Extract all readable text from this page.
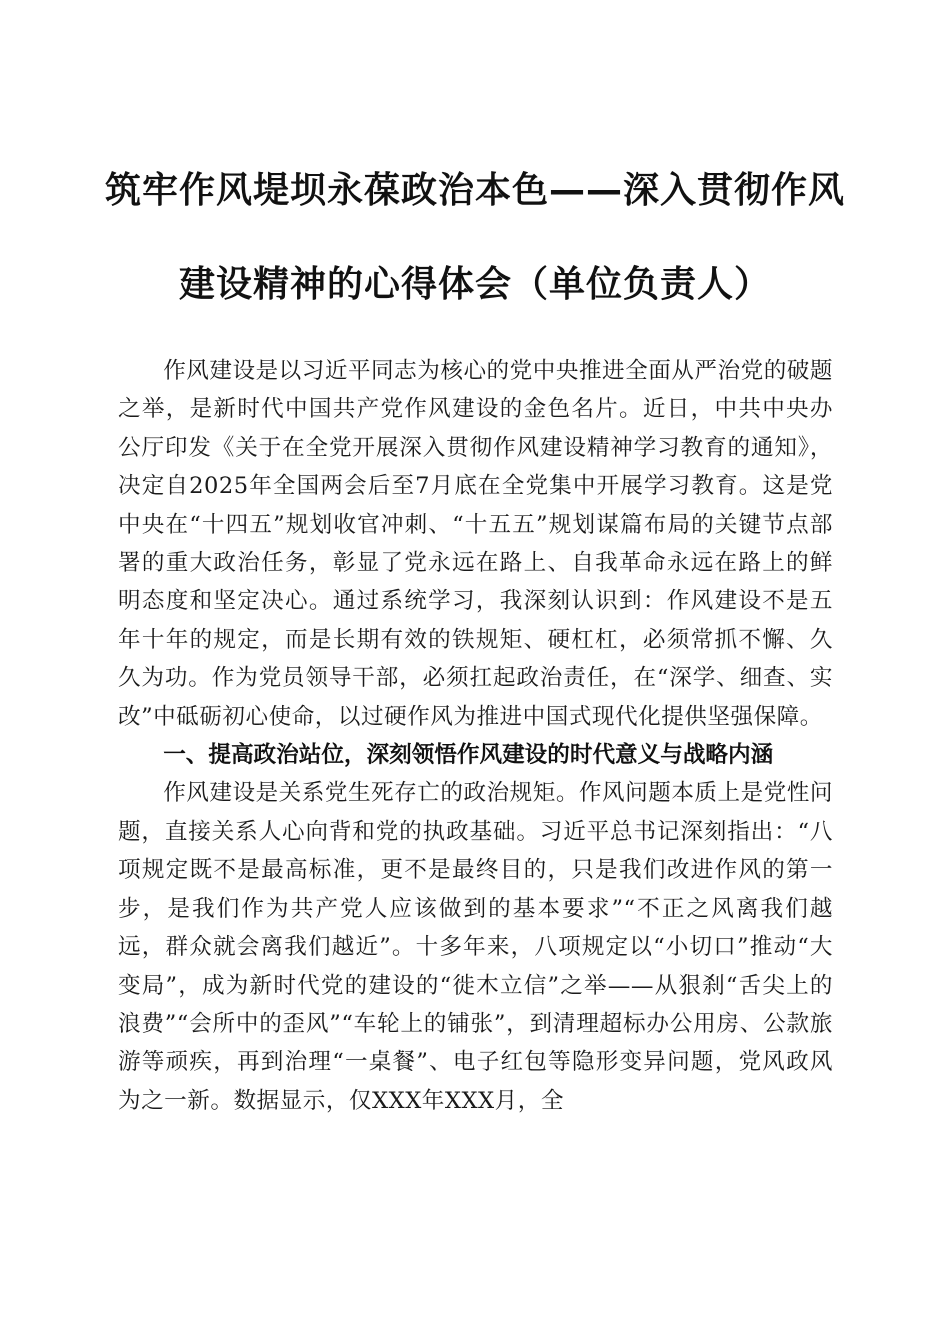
筑牢作风堤坝永葆政治本色——深入贯彻作风
建设精神的心得体会（单位负责人）

作风建设是以习近平同志为核心的党中央推进全面从严治党的破题之举，是新时代中国共产党作风建设的金色名片。近日，中共中央办公厅印发《关于在全党开展深入贯彻作风建设精神学习教育的通知》，决定自2025年全国两会后至7月底在全党集中开展学习教育。这是党中央在“十四五”规划收官冲刺、“十五五”规划谋篇布局的关键节点部署的重大政治任务，彰显了党永远在路上、自我革命永远在路上的鲜明态度和坚定决心。通过系统学习，我深刻认识到：作风建设不是五年十年的规定，而是长期有效的铁规矩、硬杠杠，必须常抓不懈、久久为功。作为党员领导干部，必须扛起政治责任，在“深学、细查、实改”中砥砺初心使命，以过硬作风为推进中国式现代化提供坚强保障。

一、提高政治站位，深刻领悟作风建设的时代意义与战略内涵

作风建设是关系党生死存亡的政治规矩。作风问题本质上是党性问题，直接关系人心向背和党的执政基础。习近平总书记深刻指出：“八项规定既不是最高标准，更不是最终目的，只是我们改进作风的第一步，是我们作为共产党人应该做到的基本要求”“不正之风离我们越远，群众就会离我们越近”。十多年来，八项规定以“小切口”推动“大变局”，成为新时代党的建设的“徙木立信”之举——从狠刹“舌尖上的浪费”“会所中的歪风”“车轮上的铺张”，到清理超标办公用房、公款旅游等顽疾，再到治理“一桌餐”、电子红包等隐形变异问题，党风政风为之一新。数据显示，仅XXX年XXX月，全
